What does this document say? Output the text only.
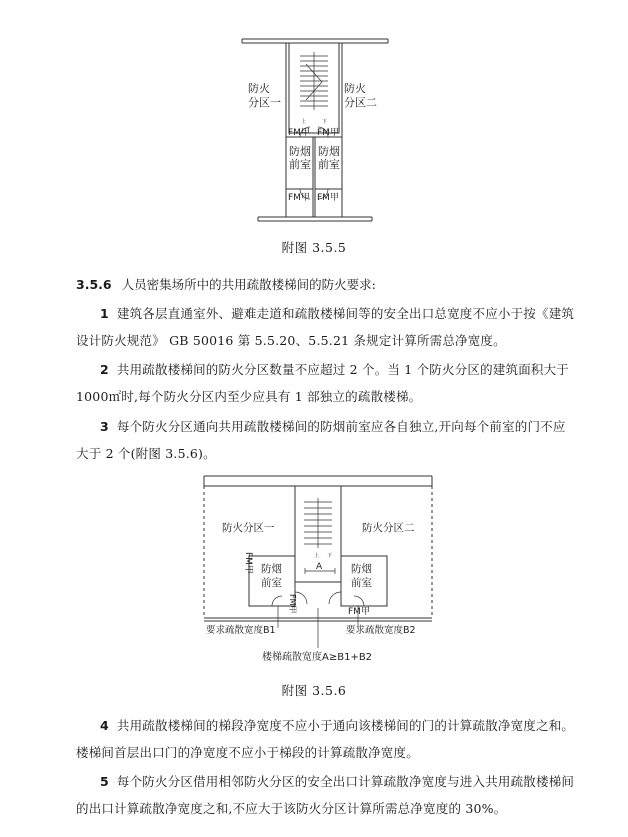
防火
分区一
防火
分区二
上	下
FM甲 FM甲
防烟
前室
防烟
前室
FM甲 FM甲
附图 3.5.5
3.5.6 人员密集场所中的共用疏散楼梯间的防火要求:
1 建筑各层直通室外、避难走道和疏散楼梯间等的安全出口总宽度不应小于按《建筑设计防火规范》 GB 50016 第 5.5.20、5.5.21 条规定计算所需总净宽度。
2 共用疏散楼梯间的防火分区数量不应超过 2 个。当 1 个防火分区的建筑面积大于 1000㎡时,每个防火分区内至少应具有 1 部独立的疏散楼梯。
3 每个防火分区通向共用疏散楼梯间的防烟前室应各自独立,开向每个前室的门不应大于 2 个(附图 3.5.6)。
防火分区一	防火分区二
上 下
A
防烟
前室
防烟
前室
FM甲
FM甲	FM甲
要求疏散宽度B1	要求疏散宽度B2
楼梯疏散宽度A≥B1+B2
附图 3.5.6
4 共用疏散楼梯间的梯段净宽度不应小于通向该楼梯间的门的计算疏散净宽度之和。楼梯间首层出口门的净宽度不应小于梯段的计算疏散净宽度。
5 每个防火分区借用相邻防火分区的安全出口计算疏散净宽度与进入共用疏散楼梯间的出口计算疏散净宽度之和,不应大于该防火分区计算所需总净宽度的 30%。
